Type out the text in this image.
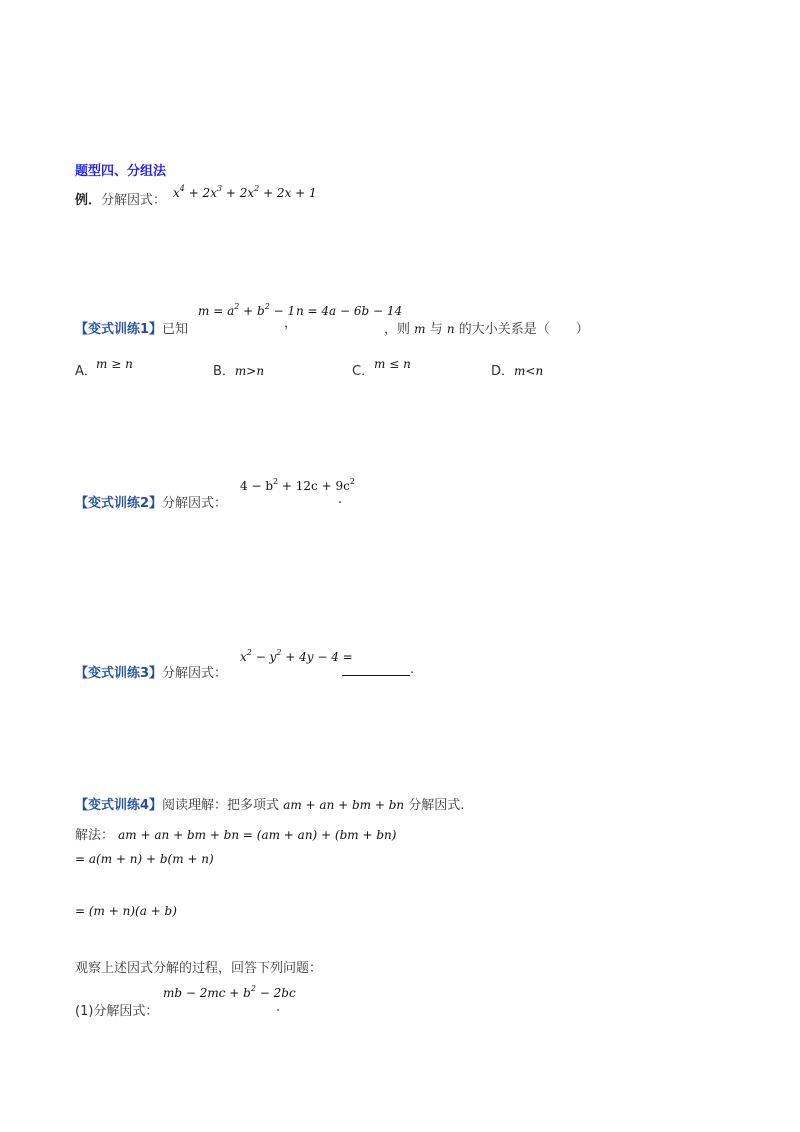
题型四、分组法
例．分解因式： $x^4 + 2x^3 + 2x^2 + 2x + 1$
【变式训练1】已知
$m = a^2 + b^2 - 1$
，
n = 4a − 6b − 14
，则 m 与 n 的大小关系是（　　）
A． m ≥ n	B．m>n	C． m ≤ n	D．m<n
【变式训练2】分解因式：
$4 - b^2 + 12c + 9c^2$
.
【变式训练3】分解因式：
$x^2 - y^2 + 4y - 4$ =
.
【变式训练4】阅读理解：把多项式 am + an + bm + bn 分解因式.
解法： am + an + bm + bn = (am + an) + (bm + bn)
= a(m + n) + b(m + n)
= (m + n)(a + b)
观察上述因式分解的过程，回答下列问题：
(1)分解因式：
mb − $2mc + b^2 - 2bc$
.
